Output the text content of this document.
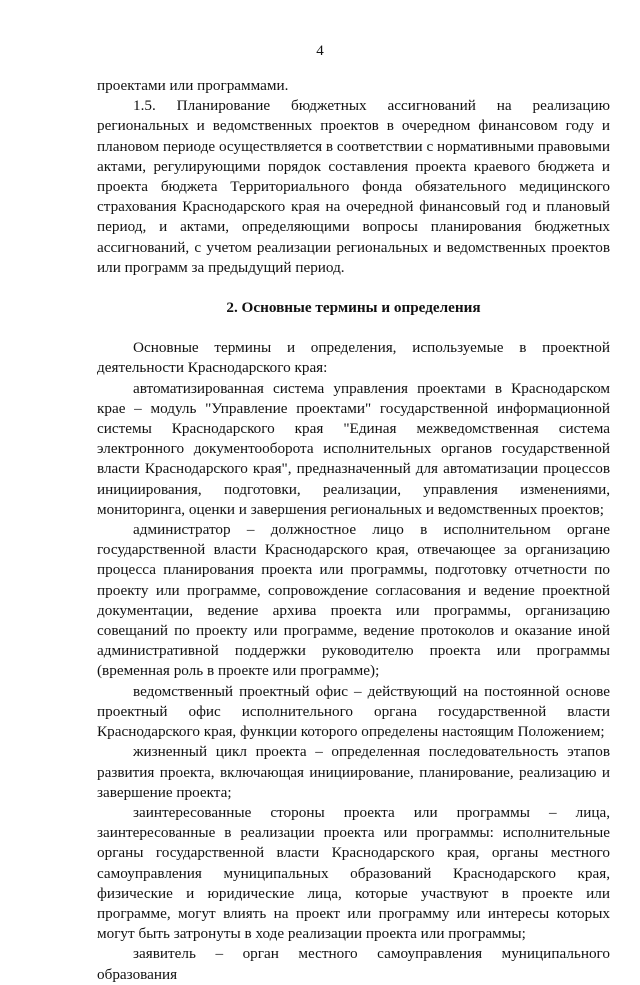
4

проектами или программами.

1.5. Планирование бюджетных ассигнований на реализацию региональных и ведомственных проектов в очередном финансовом году и плановом периоде осуществляется в соответствии с нормативными правовыми актами, регулирующими порядок составления проекта краевого бюджета и проекта бюджета Территориального фонда обязательного медицинского страхования Краснодарского края на очередной финансовый год и плановый период, и актами, определяющими вопросы планирования бюджетных ассигнований, с учетом реализации региональных и ведомственных проектов или программ за предыдущий период.

2. Основные термины и определения

Основные термины и определения, используемые в проектной деятельности Краснодарского края:

автоматизированная система управления проектами в Краснодарском крае – модуль "Управление проектами" государственной информационной системы Краснодарского края "Единая межведомственная система электронного документооборота исполнительных органов государственной власти Краснодарского края", предназначенный для автоматизации процессов инициирования, подготовки, реализации, управления изменениями, мониторинга, оценки и завершения региональных и ведомственных проектов;

администратор – должностное лицо в исполнительном органе государственной власти Краснодарского края, отвечающее за организацию процесса планирования проекта или программы, подготовку отчетности по проекту или программе, сопровождение согласования и ведение проектной документации, ведение архива проекта или программы, организацию совещаний по проекту или программе, ведение протоколов и оказание иной административной поддержки руководителю проекта или программы (временная роль в проекте или программе);

ведомственный проектный офис – действующий на постоянной основе проектный офис исполнительного органа государственной власти Краснодарского края, функции которого определены настоящим Положением;

жизненный цикл проекта – определенная последовательность этапов развития проекта, включающая инициирование, планирование, реализацию и завершение проекта;

заинтересованные стороны проекта или программы – лица, заинтересованные в реализации проекта или программы: исполнительные органы государственной власти Краснодарского края, органы местного самоуправления муниципальных образований Краснодарского края, физические и юридические лица, которые участвуют в проекте или программе, могут влиять на проект или программу или интересы которых могут быть затронуты в ходе реализации проекта или программы;

заявитель – орган местного самоуправления муниципального образования
